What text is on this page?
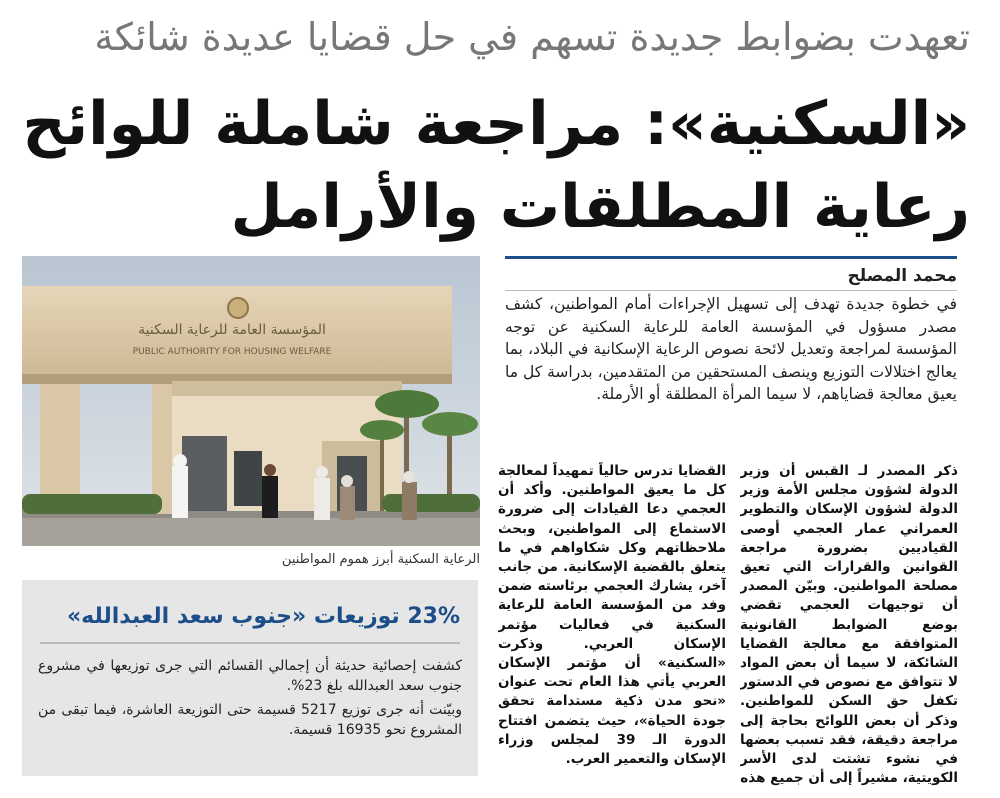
تعهدت بضوابط جديدة تسهم في حل قضايا عديدة شائكة
«السكنية»: مراجعة شاملة للوائح
رعاية المطلقات والأرامل
محمد المصلح
في خطوة جديدة تهدف إلى تسهيل الإجراءات أمام المواطنين، كشف مصدر مسؤول في المؤسسة العامة للرعاية السكنية عن توجه المؤسسة لمراجعة وتعديل لائحة نصوص الرعاية الإسكانية في البلاد، بما يعالج اختلالات التوزيع وينصف المستحقين من المتقدمين، بدراسة كل ما يعيق معالجة قضاياهم، لا سيما المرأة المطلقة أو الأرملة.
ذكر المصدر لـ القبس أن وزير الدولة لشؤون مجلس الأمة وزير الدولة لشؤون الإسكان والتطوير العمراني عمار العجمي أوصى القياديين بضرورة مراجعة القوانين والقرارات التي تعيق مصلحة المواطنين. وبيّن المصدر أن توجيهات العجمي تقضي بوضع الضوابط القانونية المتوافقة مع معالجة القضايا الشائكة، لا سيما أن بعض المواد لا تتوافق مع نصوص في الدستور تكفل حق السكن للمواطنين. وذكر أن بعض اللوائح بحاجة إلى مراجعة دقيقة، فقد تسبب بعضها في نشوء تشتت لدى الأسر الكويتية، مشيراً إلى أن جميع هذه
القضايا تدرس حالياً تمهيداً لمعالجة كل ما يعيق المواطنين. وأكد أن العجمي دعا القيادات إلى ضرورة الاستماع إلى المواطنين، وبحث ملاحظاتهم وكل شكاواهم في ما يتعلق بالقضية الإسكانية. من جانب آخر، يشارك العجمي برئاسته ضمن وفد من المؤسسة العامة للرعاية السكنية في فعاليات مؤتمر الإسكان العربي. وذكرت «السكنية» أن مؤتمر الإسكان العربي يأتي هذا العام تحت عنوان «نحو مدن ذكية مستدامة تحقق جودة الحياة»، حيث يتضمن افتتاح الدورة الـ 39 لمجلس وزراء الإسكان والتعمير العرب.
المؤسسة العامة للرعاية السكنية
PUBLIC AUTHORITY FOR HOUSING WELFARE
الرعاية السكنية أبرز هموم المواطنين
23% توزيعات «جنوب سعد العبدالله»

كشفت إحصائية حديثة أن إجمالي القسائم التي جرى توزيعها في مشروع جنوب سعد العبدالله بلغ 23%.

وبيّنت أنه جرى توزيع 5217 قسيمة حتى التوزيعة العاشرة، فيما تبقى من المشروع نحو 16935 قسيمة.
